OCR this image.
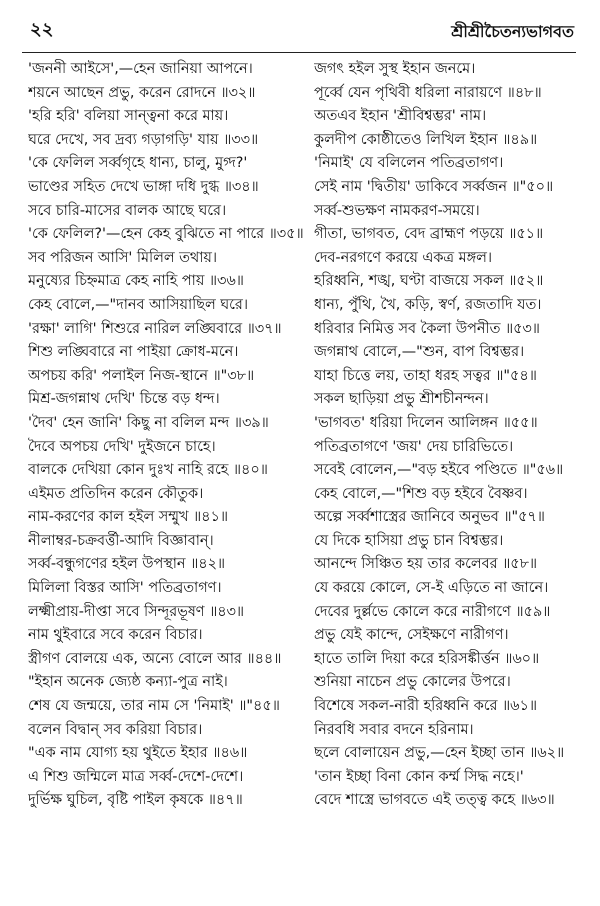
২২	শ্রীশ্রীচৈতন্যভাগবত
'জননী আইসে',—হেন জানিয়া আপনে।
শয়নে আছেন প্রভু, করেন রোদনে ॥৩২॥
'হরি হরি' বলিয়া সান্ত্বনা করে মায়।
ঘরে দেখে, সব দ্রব্য গড়াগড়ি' যায় ॥৩৩॥
'কে ফেলিল সর্ব্বগৃহে ধান্য, চালু, মুগ্দ?'
ভাণ্ডের সহিত দেখে ভাঙ্গা দধি দুগ্ধ ॥৩৪॥
সবে চারি-মাসের বালক আছে ঘরে।
'কে ফেলিল?'—হেন কেহ বুঝিতে না পারে ॥৩৫॥
সব পরিজন আসি' মিলিল তথায়।
মনুষ্যের চিহ্নমাত্র কেহ নাহি পায় ॥৩৬॥
কেহ বোলে,—"দানব আসিয়াছিল ঘরে।
'রক্ষা' লাগি' শিশুরে নারিল লঙ্ঘিবারে ॥৩৭॥
শিশু লঙ্ঘিবারে না পাইয়া ক্রোধ-মনে।
অপচয় করি' পলাইল নিজ-স্থানে ॥"৩৮॥
মিশ্র-জগন্নাথ দেখি' চিন্তে বড় ধন্দ।
'দৈব' হেন জানি' কিছু না বলিল মন্দ ॥৩৯॥
দৈবে অপচয় দেখি' দুইজনে চাহে।
বালকে দেখিয়া কোন দুঃখ নাহি রহে ॥৪০॥
এইমত প্রতিদিন করেন কৌতুক।
নাম-করণের কাল হইল সম্মুখ ॥৪১॥
নীলাম্বর-চক্রবর্ত্তী-আদি বিজ্ঞাবান্।
সর্ব্ব-বন্ধুগণের হইল উপস্থান ॥৪২॥
মিলিলা বিস্তর আসি' পতিব্রতাগণ।
লক্ষ্মীপ্রায়-দীপ্তা সবে সিন্দূরভূষণ ॥৪৩॥
নাম থুইবারে সবে করেন বিচার।
স্ত্রীগণ বোলয়ে এক, অন্যে বোলে আর ॥৪৪॥
"ইহান অনেক জ্যেষ্ঠ কন্যা-পুত্র নাই।
শেষ যে জন্ময়ে, তার নাম সে 'নিমাই' ॥"৪৫॥
বলেন বিদ্বান্ সব করিয়া বিচার।
"এক নাম যোগ্য হয় থুইতে ইহার ॥৪৬॥
এ শিশু জন্মিলে মাত্র সর্ব্ব-দেশে-দেশে।
দুর্ভিক্ষ ঘুচিল, বৃষ্টি পাইল কৃষকে ॥৪৭॥
জগৎ হইল সুস্থ ইহান জনমে।
পূর্ব্বে যেন পৃথিবী ধরিলা নারায়ণে ॥৪৮॥
অতএব ইহান 'শ্রীবিশ্বম্ভর' নাম।
কুলদীপ কোষ্ঠীতেও লিখিল ইহান ॥৪৯॥
'নিমাই' যে বলিলেন পতিব্রতাগণ।
সেই নাম 'দ্বিতীয়' ডাকিবে সর্ব্বজন ॥"৫০॥
সর্ব্ব-শুভক্ষণ নামকরণ-সময়ে।
গীতা, ভাগবত, বেদ ব্রাহ্মণ পড়য়ে ॥৫১॥
দেব-নরগণে করয়ে একত্র মঙ্গল।
হরিধ্বনি, শঙ্খ, ঘণ্টা বাজয়ে সকল ॥৫২॥
ধান্য, পুঁথি, খৈ, কড়ি, স্বর্ণ, রজতাদি যত।
ধরিবার নিমিত্ত সব কৈলা উপনীত ॥৫৩॥
জগন্নাথ বোলে,—"শুন, বাপ বিশ্বম্ভর।
যাহা চিত্তে লয়, তাহা ধরহ সত্বর ॥"৫৪॥
সকল ছাড়িয়া প্রভু শ্রীশচীনন্দন।
'ভাগবত' ধরিয়া দিলেন আলিঙ্গন ॥৫৫॥
পতিব্রতাগণে 'জয়' দেয় চারিভিতে।
সবেই বোলেন,—"বড় হইবে পণ্ডিতে ॥"৫৬॥
কেহ বোলে,—"শিশু বড় হইবে বৈষ্ণব।
অল্পে সর্ব্বশাস্ত্রের জানিবে অনুভব ॥"৫৭॥
যে দিকে হাসিয়া প্রভু চান বিশ্বম্ভর।
আনন্দে সিঞ্চিত হয় তার কলেবর ॥৫৮॥
যে করয়ে কোলে, সে-ই এড়িতে না জানে।
দেবের দুর্ল্লভে কোলে করে নারীগণে ॥৫৯॥
প্রভু যেই কান্দে, সেইক্ষণে নারীগণ।
হাতে তালি দিয়া করে হরিসঙ্কীর্ত্তন ॥৬০॥
শুনিয়া নাচেন প্রভু কোলের উপরে।
বিশেষে সকল-নারী হরিধ্বনি করে ॥৬১॥
নিরবধি সবার বদনে হরিনাম।
ছলে বোলায়েন প্রভু,—হেন ইচ্ছা তান ॥৬২॥
'তান ইচ্ছা বিনা কোন কর্ম্ম সিদ্ধ নহে।'
বেদে শাস্ত্রে ভাগবতে এই তত্ত্ব কহে ॥৬৩॥
